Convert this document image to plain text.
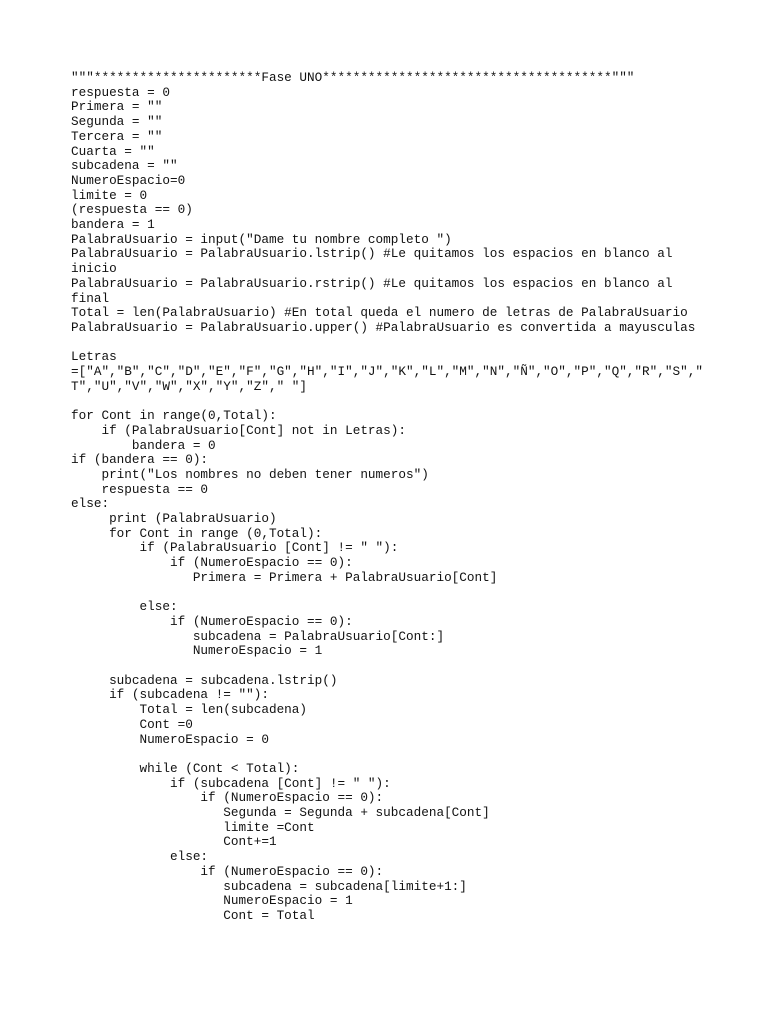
"""**********************Fase UNO**************************************"""
respuesta = 0
Primera = ""
Segunda = ""
Tercera = ""
Cuarta = ""
subcadena = ""
NumeroEspacio=0
limite = 0
(respuesta == 0)
bandera = 1
PalabraUsuario = input("Dame tu nombre completo ")
PalabraUsuario = PalabraUsuario.lstrip() #Le quitamos los espacios en blanco al
inicio
PalabraUsuario = PalabraUsuario.rstrip() #Le quitamos los espacios en blanco al
final
Total = len(PalabraUsuario) #En total queda el numero de letras de PalabraUsuario
PalabraUsuario = PalabraUsuario.upper() #PalabraUsuario es convertida a mayusculas
Letras
=["A","B","C","D","E","F","G","H","I","J","K","L","M","N","Ñ","O","P","Q","R","S","
T","U","V","W","X","Y","Z"," "]
for Cont in range(0,Total):
if (PalabraUsuario[Cont] not in Letras):
bandera = 0
if (bandera == 0):
print("Los nombres no deben tener numeros")
respuesta == 0
else:
print (PalabraUsuario)
for Cont in range (0,Total):
if (PalabraUsuario [Cont] != " "):
if (NumeroEspacio == 0):
Primera = Primera + PalabraUsuario[Cont]
else:
if (NumeroEspacio == 0):
subcadena = PalabraUsuario[Cont:]
NumeroEspacio = 1
subcadena = subcadena.lstrip()
if (subcadena != ""):
Total = len(subcadena)
Cont =0
NumeroEspacio = 0
while (Cont < Total):
if (subcadena [Cont] != " "):
if (NumeroEspacio == 0):
Segunda = Segunda + subcadena[Cont]
limite =Cont
Cont+=1
else:
if (NumeroEspacio == 0):
subcadena = subcadena[limite+1:]
NumeroEspacio = 1
Cont = Total
